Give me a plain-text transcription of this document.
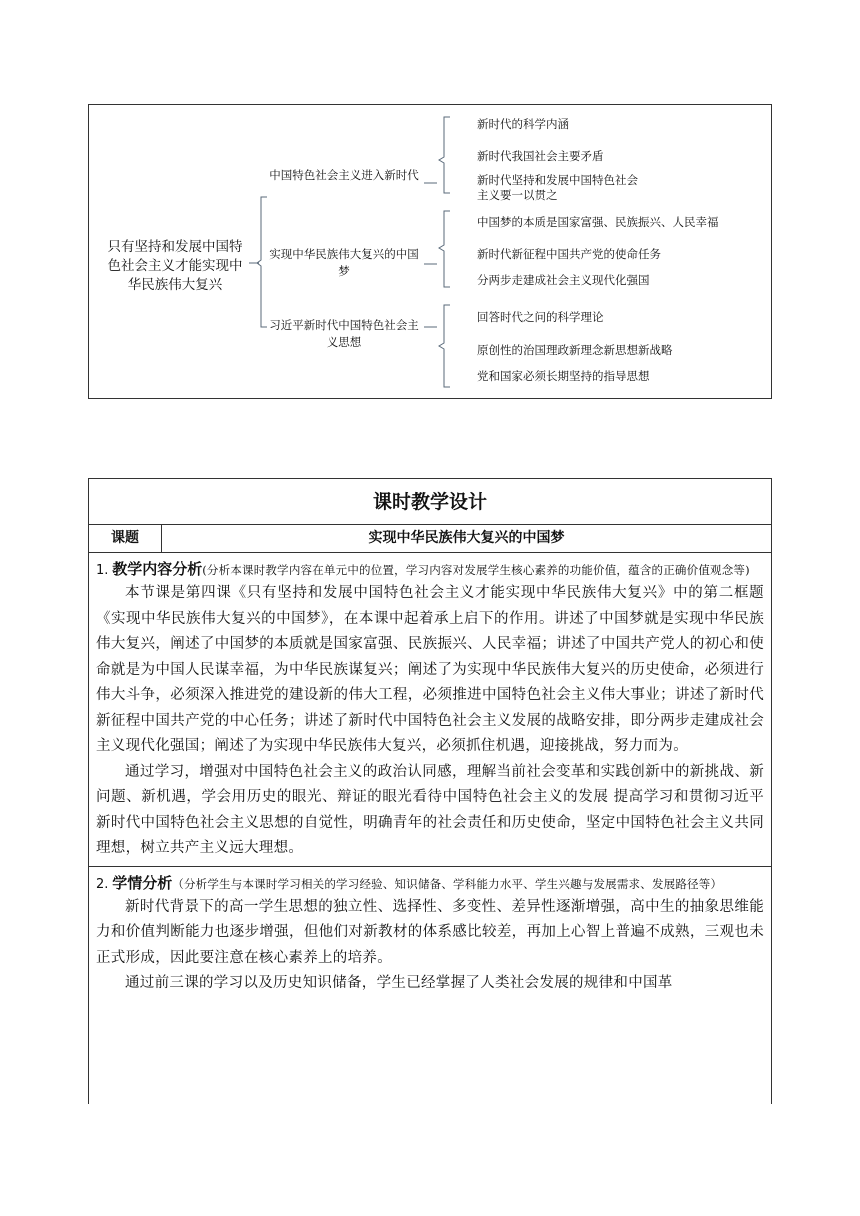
只有坚持和发展中国特色社会主义才能实现中华民族伟大复兴
中国特色社会主义进入新时代
实现中华民族伟大复兴的中国梦
习近平新时代中国特色社会主义思想
新时代的科学内涵
新时代我国社会主要矛盾
新时代坚持和发展中国特色社会主义要一以贯之
中国梦的本质是国家富强、民族振兴、人民幸福
新时代新征程中国共产党的使命任务
分两步走建成社会主义现代化强国
回答时代之问的科学理论
原创性的治国理政新理念新思想新战略
党和国家必须长期坚持的指导思想
课时教学设计
课题	实现中华民族伟大复兴的中国梦
1. 教学内容分析(分析本课时教学内容在单元中的位置，学习内容对发展学生核心素养的功能价值，蕴含的正确价值观念等)

本节课是第四课《只有坚持和发展中国特色社会主义才能实现中华民族伟大复兴》中的第二框题《实现中华民族伟大复兴的中国梦》，在本课中起着承上启下的作用。讲述了中国梦就是实现中华民族伟大复兴，阐述了中国梦的本质就是国家富强、民族振兴、人民幸福；讲述了中国共产党人的初心和使命就是为中国人民谋幸福，为中华民族谋复兴；阐述了为实现中华民族伟大复兴的历史使命，必须进行伟大斗争，必须深入推进党的建设新的伟大工程，必须推进中国特色社会主义伟大事业；讲述了新时代新征程中国共产党的中心任务；讲述了新时代中国特色社会主义发展的战略安排，即分两步走建成社会主义现代化强国；阐述了为实现中华民族伟大复兴，必须抓住机遇，迎接挑战，努力而为。

通过学习，增强对中国特色社会主义的政治认同感，理解当前社会变革和实践创新中的新挑战、新问题、新机遇，学会用历史的眼光、辩证的眼光看待中国特色社会主义的发展 提高学习和贯彻习近平新时代中国特色社会主义思想的自觉性，明确青年的社会责任和历史使命，坚定中国特色社会主义共同理想，树立共产主义远大理想。

2. 学情分析（分析学生与本课时学习相关的学习经验、知识储备、学科能力水平、学生兴趣与发展需求、发展路径等）

新时代背景下的高一学生思想的独立性、选择性、多变性、差异性逐渐增强，高中生的抽象思维能力和价值判断能力也逐步增强，但他们对新教材的体系感比较差，再加上心智上普遍不成熟，三观也未正式形成，因此要注意在核心素养上的培养。

通过前三课的学习以及历史知识储备，学生已经掌握了人类社会发展的规律和中国革
